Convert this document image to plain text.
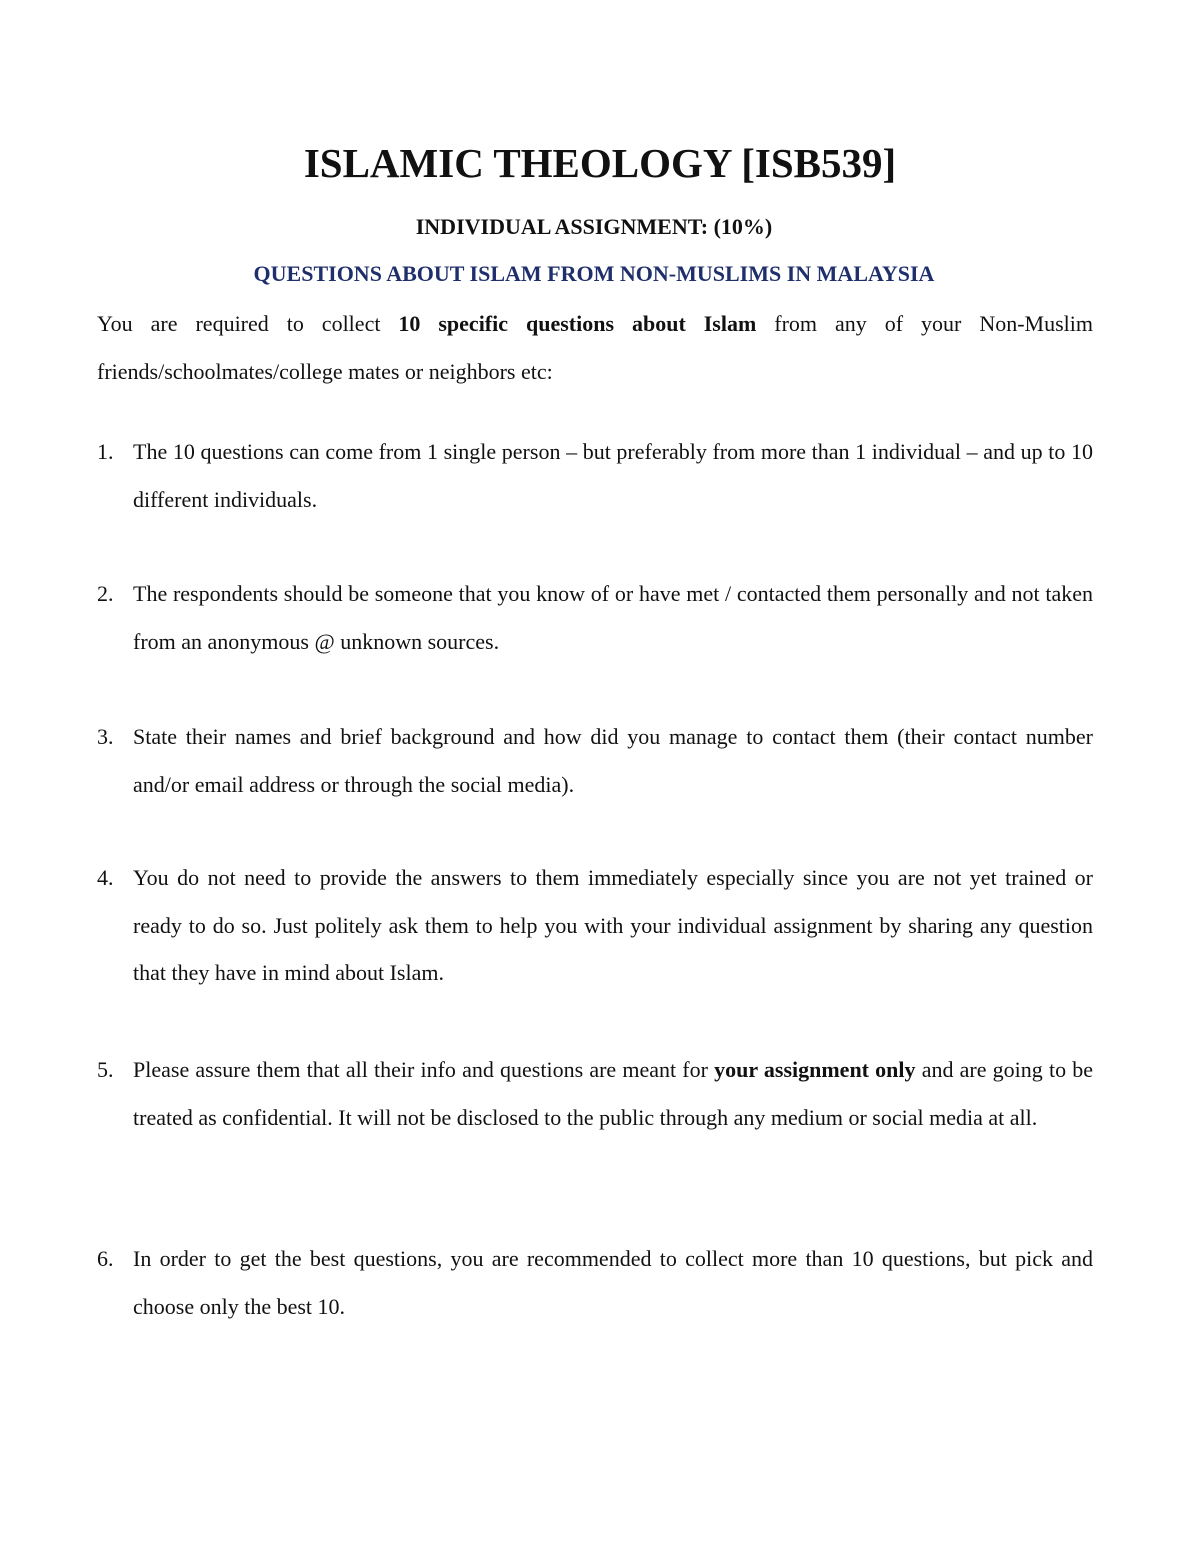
ISLAMIC THEOLOGY [ISB539]
INDIVIDUAL ASSIGNMENT: (10%)
QUESTIONS ABOUT ISLAM FROM NON-MUSLIMS IN MALAYSIA

You are required to collect 10 specific questions about Islam from any of your Non-Muslim friends/schoolmates/college mates or neighbors etc:

1. The 10 questions can come from 1 single person – but preferably from more than 1 individual – and up to 10 different individuals.
2. The respondents should be someone that you know of or have met / contacted them personally and not taken from an anonymous @ unknown sources.
3. State their names and brief background and how did you manage to contact them (their contact number and/or email address or through the social media).
4. You do not need to provide the answers to them immediately especially since you are not yet trained or ready to do so. Just politely ask them to help you with your individual assignment by sharing any question that they have in mind about Islam.
5. Please assure them that all their info and questions are meant for your assignment only and are going to be treated as confidential. It will not be disclosed to the public through any medium or social media at all.
6. In order to get the best questions, you are recommended to collect more than 10 questions, but pick and choose only the best 10.
